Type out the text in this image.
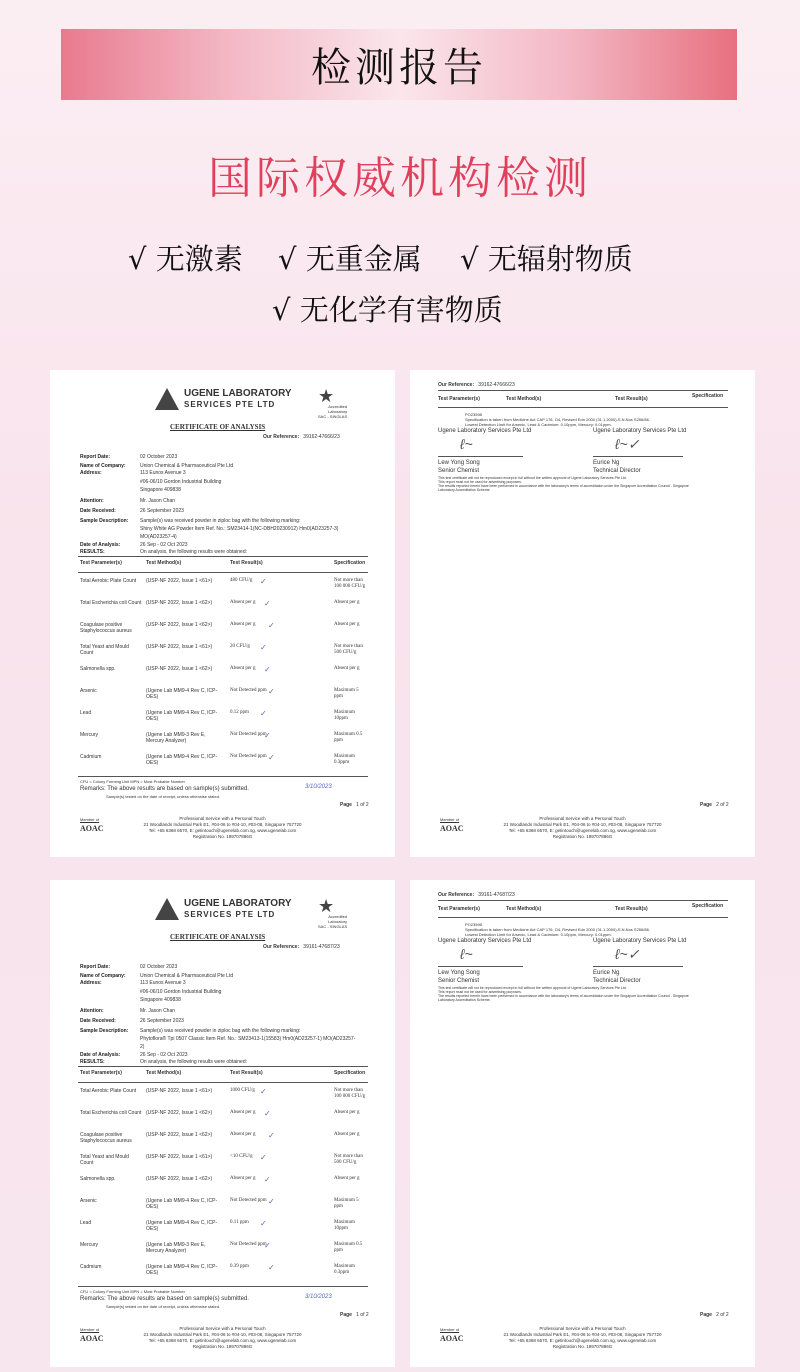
检测报告
国际权威机构检测
√ 无激素 √ 无重金属 √ 无辐射物质
√ 无化学有害物质
UGENE LABORATORY
SERVICES PTE LTD	★
Accredited
Laboratory
SAC - SINGLAS
CERTIFICATE OF ANALYSIS
Our Reference: 39162-47666/23
Report Date:	02 October 2023
Name of Company:	Union Chemical & Pharmaceutical Pte Ltd
113 Eunos Avenue 3
#06-06/10 Gordon Industrial Building
Singapore 409838
Address:
Attention:	Mr. Jason Chan
Date Received:	26 September 2023
Sample Description: Sample(s) was received powder in ziploc bag with the following marking:
Shiny White AG Powder Item Ref. No.: SM23414-1(NC-DBH20230912) Hm0(AD23257-3)
MO(AD23257-4)
Date of Analysis:	26 Sep - 02 Oct 2023
RESULTS:	On analysis, the following results were obtained:
Test Parameter(s)	Test Method(s)	Test Result(s)	Specification
Total Aerobic Plate Count (USP-NF 2022, Issue 1 <61>)	480 CFU/g ✓	Not more than
100 000 CFU/g
Total Escherichia coli Count (USP-NF 2022, Issue 1 <62>)	Absent per g ✓	Absent per g
Coagulase positive
Staphylococcus aureus
(USP-NF 2022, Issue 1 <62>)	Absent per g ✓	Absent per g
Total Yeast and Mould
Count
(USP-NF 2022, Issue 1 <61>)	20 CFU/g ✓	Not more than
500 CFU/g
Salmonella spp.	(USP-NF 2022, Issue 1 <62>)	Absent per g ✓	Absent per g
Arsenic	(Ugene Lab MM9-4 Rev C, ICP-
OES)
Not Detected ppm ✓	Maximum 5
ppm
Lead	(Ugene Lab MM9-4 Rev C, ICP-
OES)
0.12 ppm ✓	Maximum
10ppm
Mercury	(Ugene Lab MM9-3 Rev E,
Mercury Analyzer)
Not Detected ppm
✓	Maximum 0.5
ppm
Cadmium	(Ugene Lab MM9-4 Rev C, ICP-
OES)
Not Detected ppm ✓	Maximum
0.3ppm
CFU = Colony Forming Unit MPN = Most Probable Number
Remarks: The above results are based on sample(s) submitted.
Sample(s) tested on the date of receipt, unless otherwise stated.
3/10/2023
Page 1 of 2
Professional Service with a Personal Touch
21 Woodlands Industrial Park E1, #04-06 to #04-10, #03-08, Singapore 757720
Tel: +65 6368 6570, E: getintouch@ugenelab.com.sg, www.ugenelab.com
Registration No. 199707886G
Member of
AOAC
Our Reference: 39162-47666/23
Test Parameter(s)	Test Method(s)	Test Result(s)	Specification
PO23598
Specification is taken from Medicine Act CAP 176, O4, Revised Edn 2000 (31.1.2000)-S.N.Nos S256/86.
Lowest Detection Limit for Arsenic, Lead & Cadmium: 0.10ppm, Mercury: 0.01ppm.
Ugene Laboratory Services Pte Ltd	Ugene Laboratory Services Pte Ltd
ℓ~	ℓ~✓
Lew Yong Song
Senior Chemist
Eurice Ng
Technical Director
This test certificate will not be reproduced except in full without the written approval of Ugene Laboratory Services Pte Ltd.
This report must not be used for advertising purposes.
The results reported herein have been performed in accordance with the laboratory's terms of accreditation under the Singapore Accreditation Council - Singapore
Laboratory Accreditation Scheme.
Page 2 of 2
Professional Service with a Personal Touch
21 Woodlands Industrial Park E1, #04-06 to #04-10, #03-08, Singapore 757720
Tel: +65 6368 6570, E: getintouch@ugenelab.com.sg, www.ugenelab.com
Registration No. 199707886G
Member of
AOAC
UGENE LABORATORY
SERVICES PTE LTD	★
Accredited
Laboratory
SAC - SINGLAS
CERTIFICATE OF ANALYSIS
Our Reference: 39161-47687/23
Report Date:	02 October 2023
Name of Company:	Union Chemical & Pharmaceutical Pte Ltd
113 Eunos Avenue 3
#06-06/10 Gordon Industrial Building
Singapore 409838
Address:
Attention:	Mr. Jason Chan
Date Received:	26 September 2023
Sample Description: Sample(s) was received powder in ziploc bag with the following marking:
Phytoflora® Tpi 0507 Classic Item Ref. No.: SM23413-1(15583) Hm0(AD23257-1) MO(AD23257-
2)
Date of Analysis:	26 Sep - 02 Oct 2023
RESULTS:	On analysis, the following results were obtained:
Test Parameter(s)	Test Method(s)	Test Result(s)	Specification
Total Aerobic Plate Count (USP-NF 2022, Issue 1 <61>)	1000 CFU/g ✓	Not more than
100 000 CFU/g
Total Escherichia coli Count (USP-NF 2022, Issue 1 <62>)	Absent per g ✓	Absent per g
Coagulase positive
Staphylococcus aureus
(USP-NF 2022, Issue 1 <62>)	Absent per g ✓	Absent per g
Total Yeast and Mould
Count
(USP-NF 2022, Issue 1 <61>)	<10 CFU/g ✓	Not more than
500 CFU/g
Salmonella spp.	(USP-NF 2022, Issue 1 <62>)	Absent per g ✓	Absent per g
Arsenic	(Ugene Lab MM9-4 Rev C, ICP-
OES)
Not Detected ppm ✓	Maximum 5
ppm
Lead	(Ugene Lab MM9-4 Rev C, ICP-
OES)
0.11 ppm ✓	Maximum
10ppm
Mercury	(Ugene Lab MM9-3 Rev E,
Mercury Analyzer)
Not Detected ppm
✓	Maximum 0.5
ppm
Cadmium	(Ugene Lab MM9-4 Rev C, ICP-
OES)
0.39 ppm ✓	Maximum
0.3ppm
CFU = Colony Forming Unit MPN = Most Probable Number
Remarks: The above results are based on sample(s) submitted.
Sample(s) tested on the date of receipt, unless otherwise stated.
3/10/2023
Page 1 of 2
Professional Service with a Personal Touch
21 Woodlands Industrial Park E1, #04-06 to #04-10, #03-08, Singapore 757720
Tel: +65 6368 6570, E: getintouch@ugenelab.com.sg, www.ugenelab.com
Registration No. 199707886G
Member of
AOAC
Our Reference: 39161-47687/23
Test Parameter(s)	Test Method(s)	Test Result(s)	Specification
PO23598
Specification is taken from Medicine Act CAP 176, O4, Revised Edn 2000 (31.1.2000)-S.N.Nos S256/86.
Lowest Detection Limit for Arsenic, Lead & Cadmium: 0.10ppm, Mercury: 0.01ppm.
Ugene Laboratory Services Pte Ltd	Ugene Laboratory Services Pte Ltd
ℓ~	ℓ~✓
Lew Yong Song
Senior Chemist
Eurice Ng
Technical Director
This test certificate will not be reproduced except in full without the written approval of Ugene Laboratory Services Pte Ltd.
This report must not be used for advertising purposes.
The results reported herein have been performed in accordance with the laboratory's terms of accreditation under the Singapore Accreditation Council - Singapore
Laboratory Accreditation Scheme.
Page 2 of 2
Professional Service with a Personal Touch
21 Woodlands Industrial Park E1, #04-06 to #04-10, #03-08, Singapore 757720
Tel: +65 6368 6570, E: getintouch@ugenelab.com.sg, www.ugenelab.com
Registration No. 199707886G
Member of
AOAC
